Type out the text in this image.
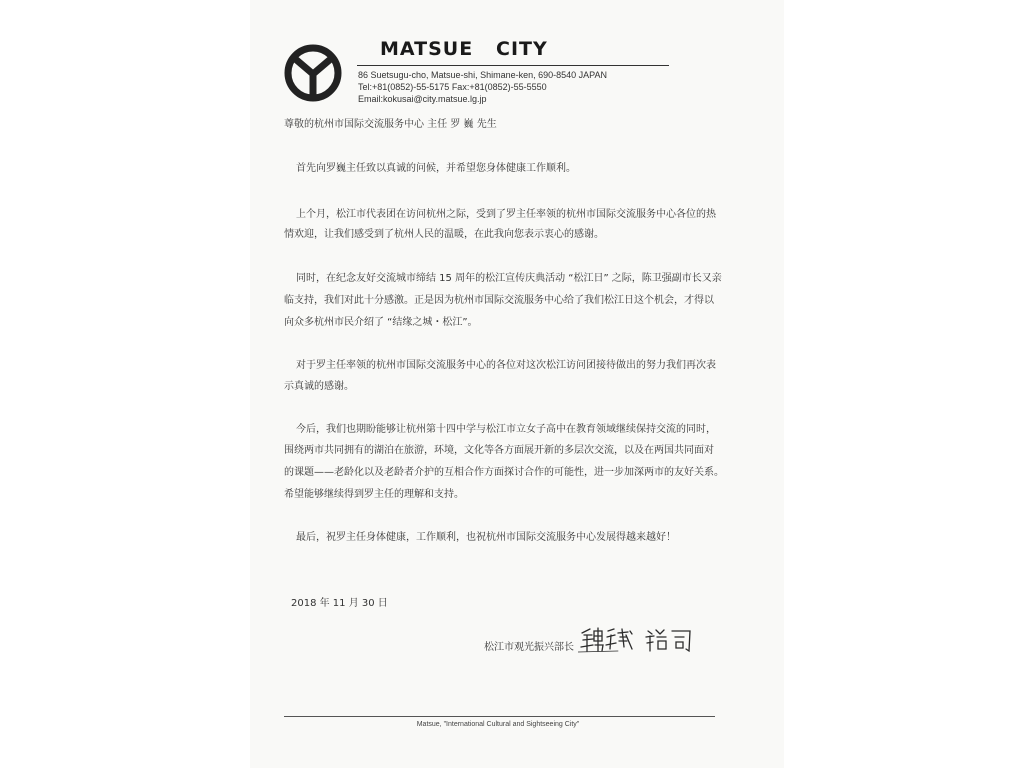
MATSUE   CITY
86 Suetsugu-cho, Matsue-shi, Shimane-ken, 690-8540 JAPAN
Tel:+81(0852)-55-5175 Fax:+81(0852)-55-5550
Email:kokusai@city.matsue.lg.jp
尊敬的杭州市国际交流服务中心 主任 罗 巍 先生
首先向罗巍主任致以真诚的问候，并希望您身体健康工作顺利。
上个月，松江市代表团在访问杭州之际，受到了罗主任率领的杭州市国际交流服务中心各位的热
情欢迎，让我们感受到了杭州人民的温暖，在此我向您表示衷心的感谢。
同时，在纪念友好交流城市缔结 15 周年的松江宣传庆典活动 “松江日” 之际，陈卫强副市长又亲
临支持，我们对此十分感激。正是因为杭州市国际交流服务中心给了我们松江日这个机会，才得以
向众多杭州市民介绍了 “结缘之城・松江”。
对于罗主任率领的杭州市国际交流服务中心的各位对这次松江访问团接待做出的努力我们再次表
示真诚的感谢。
今后，我们也期盼能够让杭州第十四中学与松江市立女子高中在教育领域继续保持交流的同时，
围绕两市共同拥有的湖泊在旅游，环境，文化等各方面展开新的多层次交流，以及在两国共同面对
的课题——老龄化以及老龄者介护的互相合作方面探讨合作的可能性，进一步加深两市的友好关系。
希望能够继续得到罗主任的理解和支持。
最后，祝罗主任身体健康，工作顺利，也祝杭州市国际交流服务中心发展得越来越好！
2018 年 11 月 30 日
松江市观光振兴部长
Matsue, "International Cultural and Sightseeing City"
